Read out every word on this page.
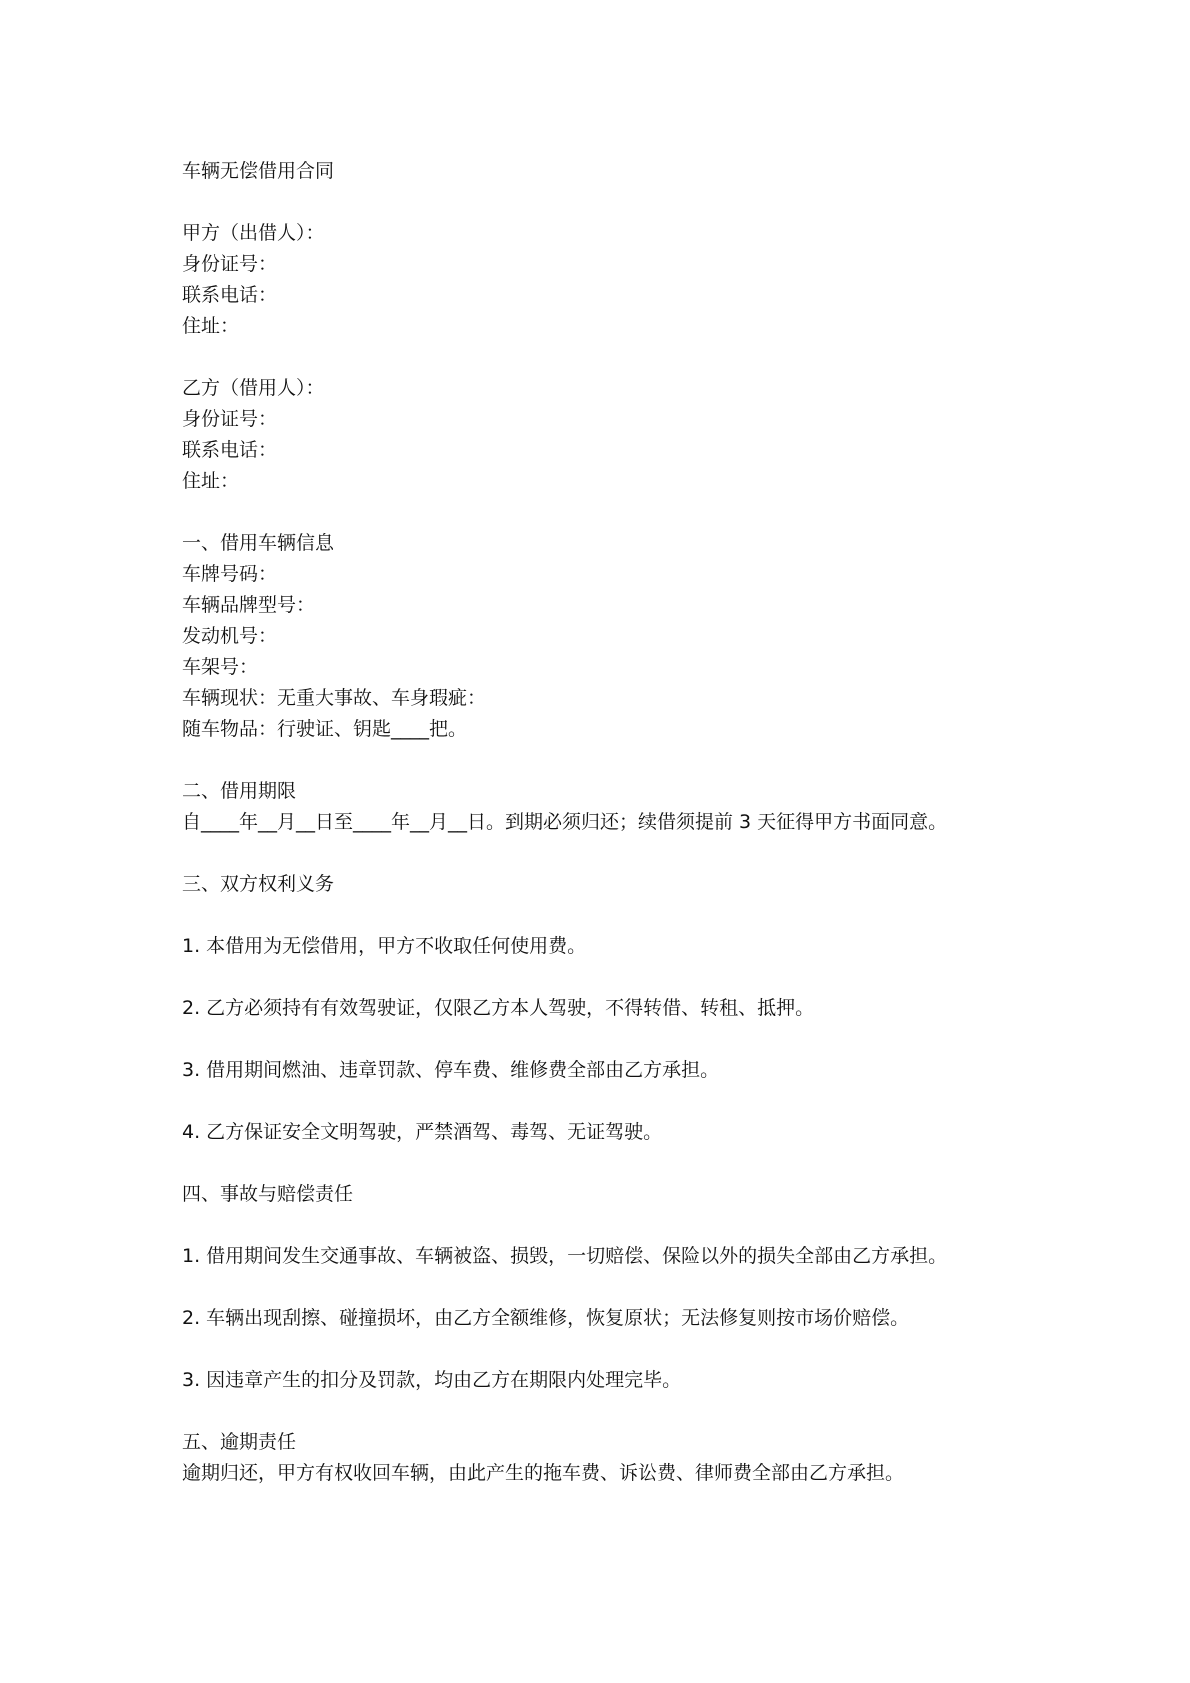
车辆无偿借用合同
甲方（出借人）：
身份证号：
联系电话：
住址：
乙方（借用人）：
身份证号：
联系电话：
住址：
一、借用车辆信息
车牌号码：
车辆品牌型号：
发动机号：
车架号：
车辆现状：无重大事故、车身瑕疵：
随车物品：行驶证、钥匙____把。
二、借用期限
自____年__月__日至____年__月__日。到期必须归还；续借须提前 3 天征得甲方书面同意。
三、双方权利义务
1. 本借用为无偿借用，甲方不收取任何使用费。
2. 乙方必须持有有效驾驶证，仅限乙方本人驾驶，不得转借、转租、抵押。
3. 借用期间燃油、违章罚款、停车费、维修费全部由乙方承担。
4. 乙方保证安全文明驾驶，严禁酒驾、毒驾、无证驾驶。
四、事故与赔偿责任
1. 借用期间发生交通事故、车辆被盗、损毁，一切赔偿、保险以外的损失全部由乙方承担。
2. 车辆出现刮擦、碰撞损坏，由乙方全额维修，恢复原状；无法修复则按市场价赔偿。
3. 因违章产生的扣分及罚款，均由乙方在期限内处理完毕。
五、逾期责任
逾期归还，甲方有权收回车辆，由此产生的拖车费、诉讼费、律师费全部由乙方承担。
